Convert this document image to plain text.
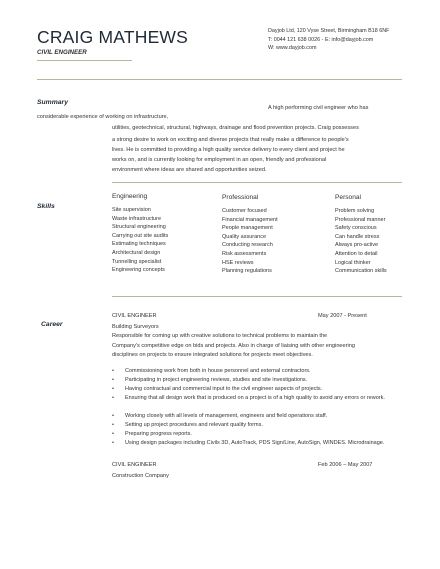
CRAIG MATHEWS
CIVIL ENGINEER
Dayjob Ltd, 120 Vyse Street, Birmingham B18 6NF
T: 0044 121 638 0026 - E: info@dayjob.com
W: www.dayjob.com
Summary
A high performing civil engineer who has
considerable experience of working on infrastructure,
utilities, geotechnical, structural, highways, drainage and flood prevention projects. Craig possesses
a strong desire to work on exciting and diverse projects that really make a difference to people's
lives. He is committed to providing a high quality service delivery to every client and project he
works on, and is currently looking for employment in an open, friendly and professional
environment where ideas are shared and opportunities seized.
Skills
Engineering
Site supervision
Waste infrastructure
Structural engineering
Carrying out site audits
Estimating techniques
Architectural design
Tunnelling specialist
Engineering concepts
Professional
Customer focused
Financial management
People management
Quality assurance
Conducting research
Risk assessments
HSE reviews
Planning regulations
Personal
Problem solving
Professional manner
Safety conscious
Can handle stress
Always pro-active
Attention to detail
Logical thinker
Communication skills
Career
CIVIL ENGINEER	May 2007 - Present
Building Surveyors
Responsible for coming up with creative solutions to technical problems to maintain the
Company's competitive edge on bids and projects. Also in charge of liaising with other engineering
disciplines on projects to ensure integrated solutions for projects meet objectives.
• Commissioning work from both in house personnel and external contractors.
• Participating in project engineering reviews, studies and site investigations.
• Having contractual and commercial input to the civil engineer aspects of projects.
• Ensuring that all design work that is produced on a project is of a high quality to avoid any errors or rework.
• Working closely with all levels of management, engineers and field operations staff.
• Setting up project procedures and relevant quality forms.
• Preparing progress reports.
• Using design packages including Civils 3D, AutoTrack, PDS Sign/Line, AutoSign, WINDES. Microdrainage.
CIVIL ENGINEER	Feb 2006 – May 2007
Construction Company
